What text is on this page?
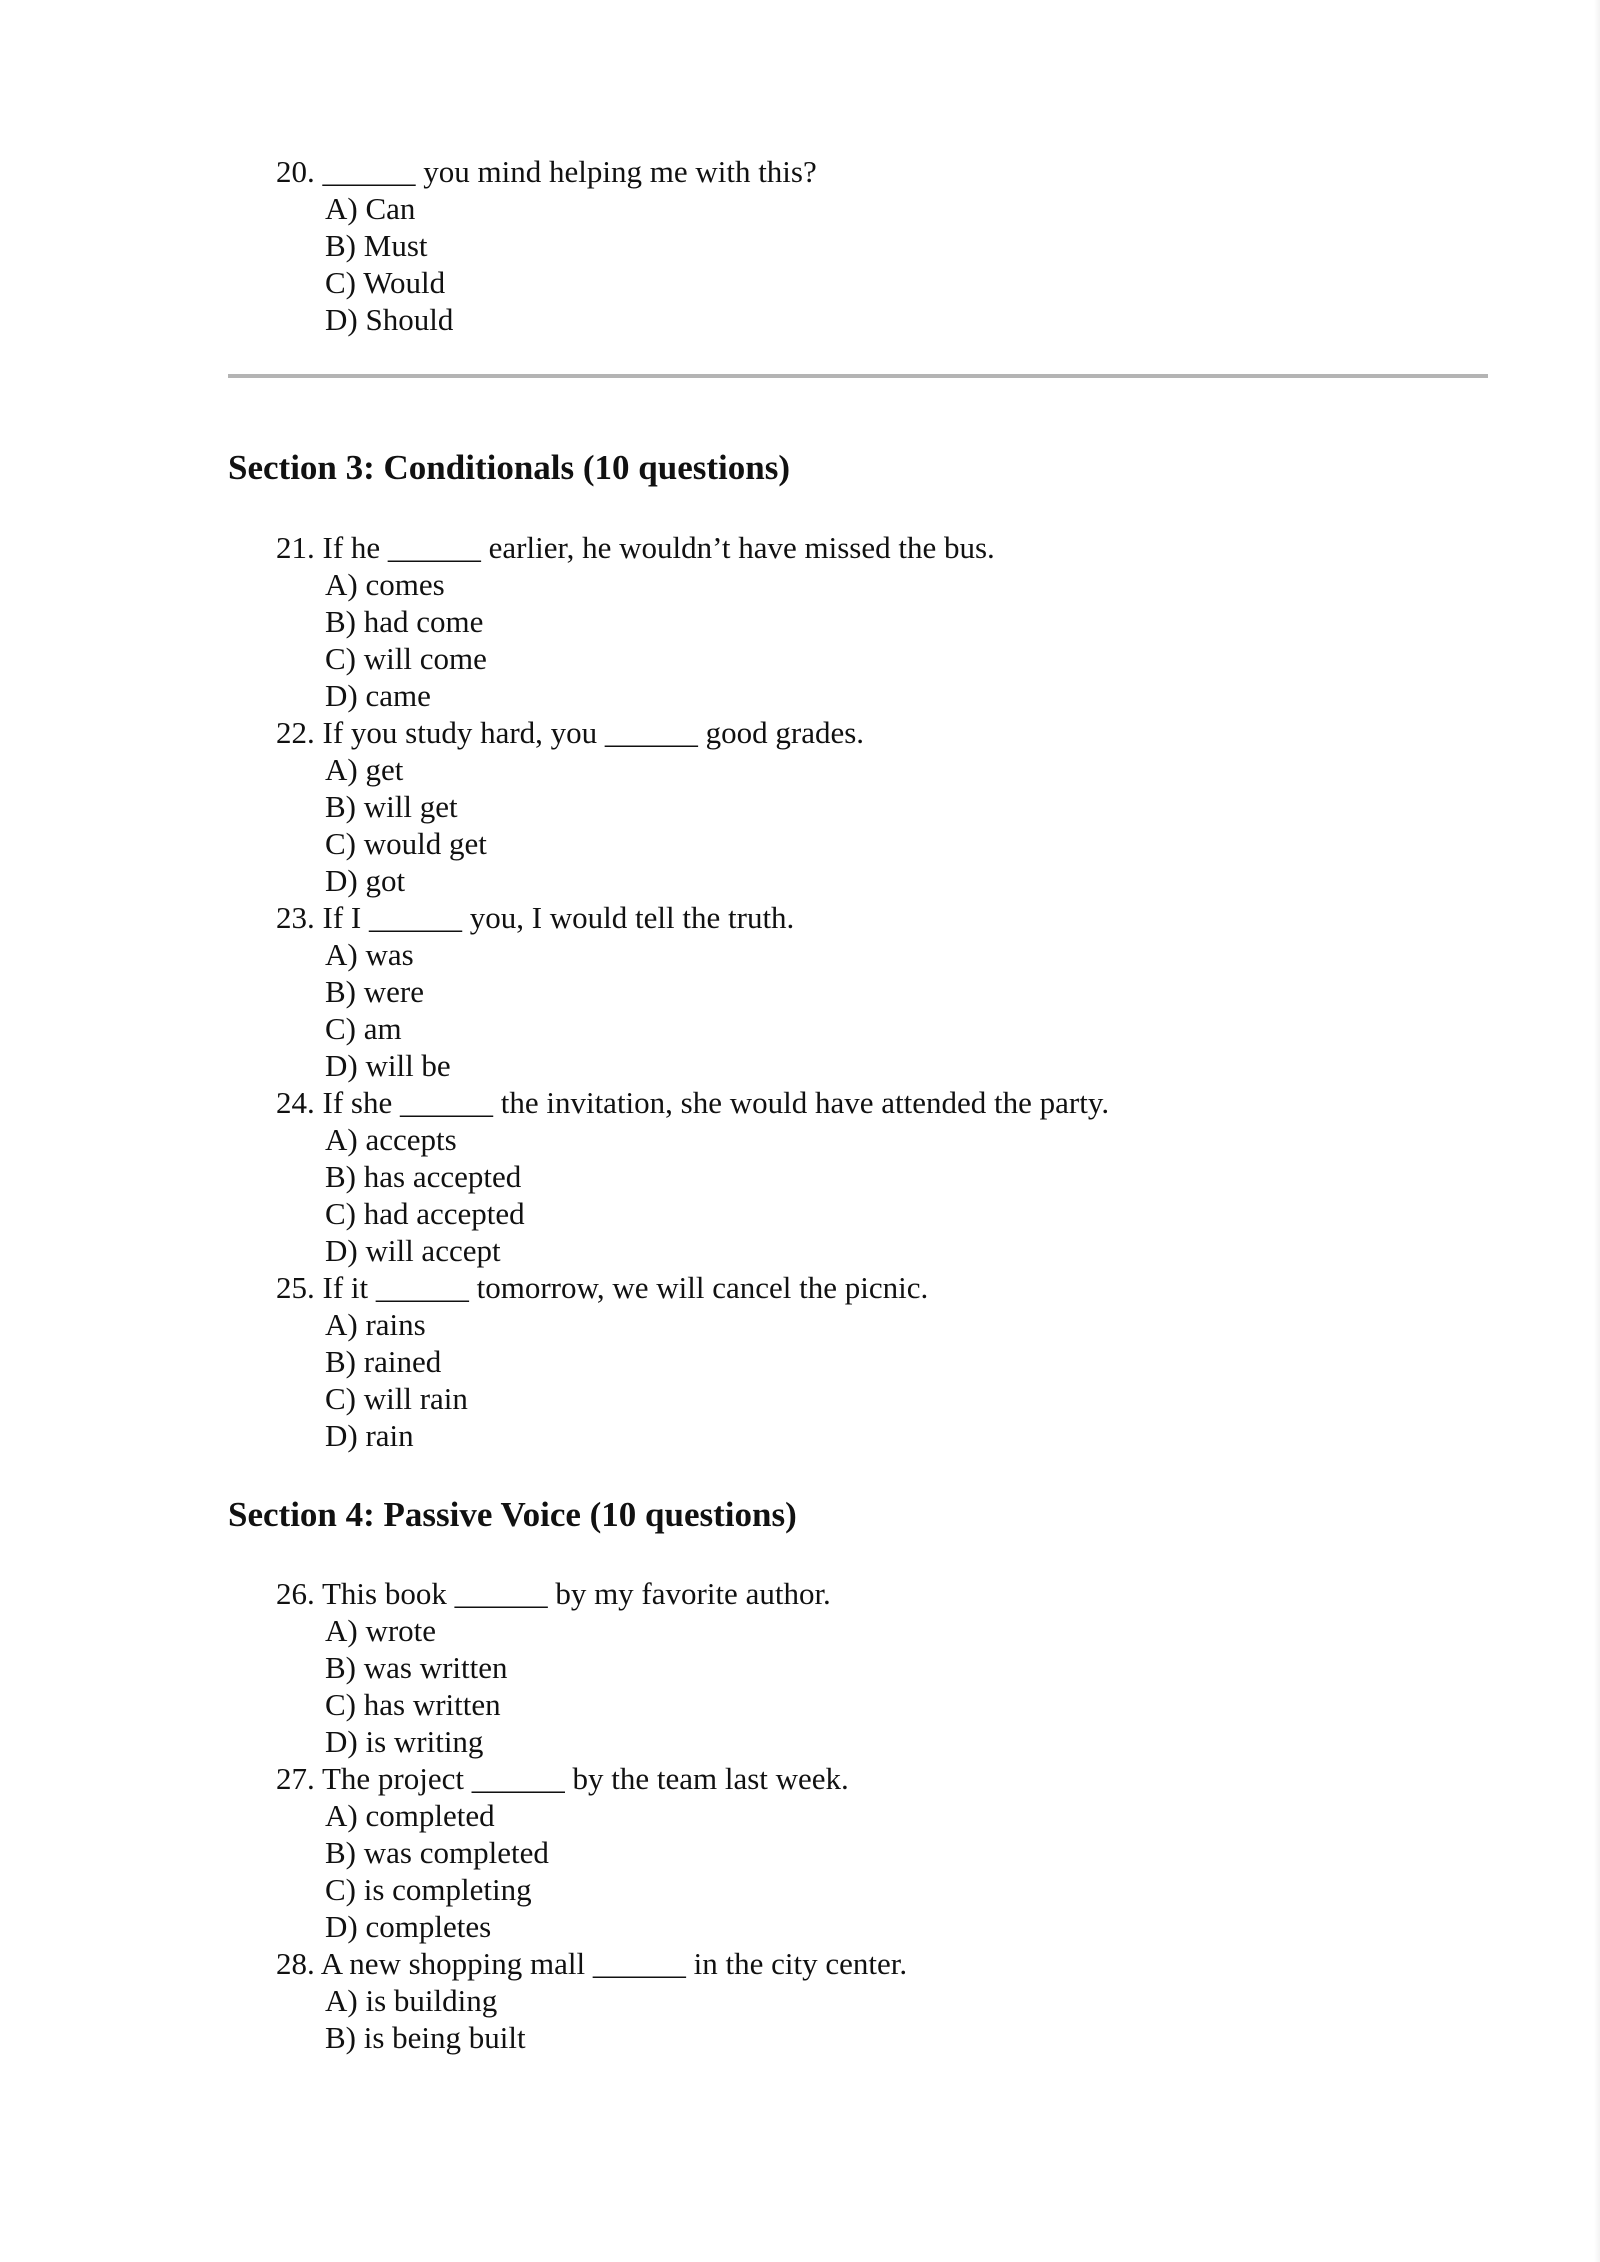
20. ______ you mind helping me with this?
A) Can
B) Must
C) Would
D) Should
Section 3: Conditionals (10 questions)
21. If he ______ earlier, he wouldn’t have missed the bus.
A) comes
B) had come
C) will come
D) came
22. If you study hard, you ______ good grades.
A) get
B) will get
C) would get
D) got
23. If I ______ you, I would tell the truth.
A) was
B) were
C) am
D) will be
24. If she ______ the invitation, she would have attended the party.
A) accepts
B) has accepted
C) had accepted
D) will accept
25. If it ______ tomorrow, we will cancel the picnic.
A) rains
B) rained
C) will rain
D) rain
Section 4: Passive Voice (10 questions)
26. This book ______ by my favorite author.
A) wrote
B) was written
C) has written
D) is writing
27. The project ______ by the team last week.
A) completed
B) was completed
C) is completing
D) completes
28. A new shopping mall ______ in the city center.
A) is building
B) is being built
